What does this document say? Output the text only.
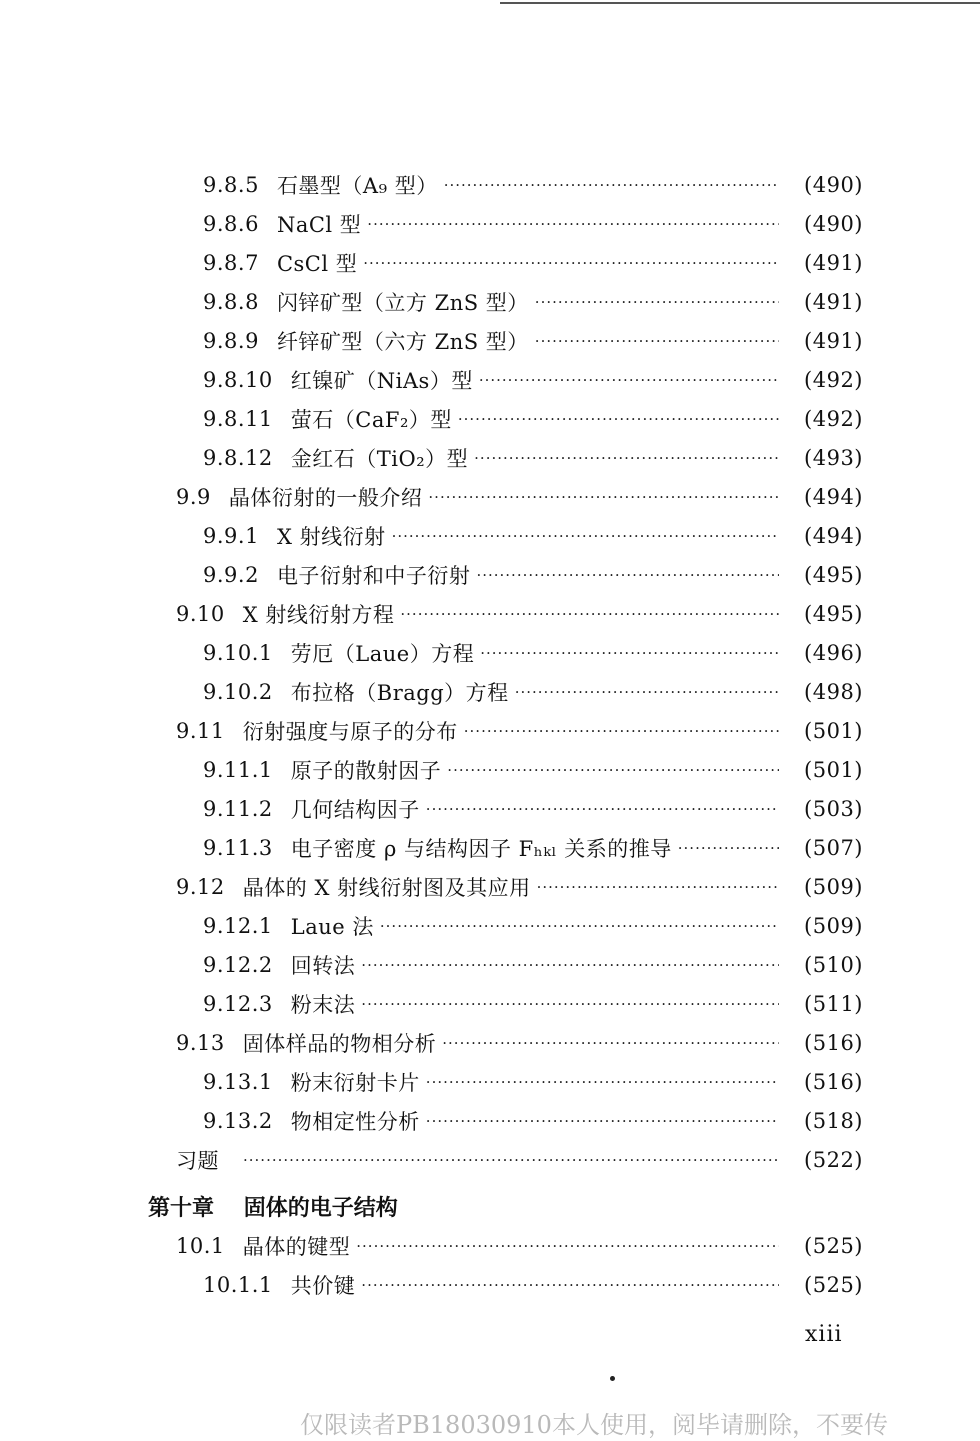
9.8.5 石墨型（A₉ 型） ·····	(490)
9.8.6 NaCl 型 ·····	(490)
9.8.7 CsCl 型 ·····	(491)
9.8.8 闪锌矿型（立方 ZnS 型） ·····	(491)
9.8.9 纤锌矿型（六方 ZnS 型） ·····	(491)
9.8.10 红镍矿（NiAs）型 ·····	(492)
9.8.11 萤石（CaF₂）型 ·····	(492)
9.8.12 金红石（TiO₂）型 ·····	(493)
9.9 晶体衍射的一般介绍 ·····	(494)
9.9.1 X 射线衍射 ·····	(494)
9.9.2 电子衍射和中子衍射 ·····	(495)
9.10 X 射线衍射方程 ·····	(495)
9.10.1 劳厄（Laue）方程 ·····	(496)
9.10.2 布拉格（Bragg）方程 ·····	(498)
9.11 衍射强度与原子的分布 ·····	(501)
9.11.1 原子的散射因子 ·····	(501)
9.11.2 几何结构因子 ·····	(503)
9.11.3 电子密度 ρ 与结构因子 Fₕₖₗ 关系的推导 ·····	(507)
9.12 晶体的 X 射线衍射图及其应用 ·····	(509)
9.12.1 Laue 法 ·····	(509)
9.12.2 回转法 ·····	(510)
9.12.3 粉末法 ·····	(511)
9.13 固体样品的物相分析 ·····	(516)
9.13.1 粉末衍射卡片 ·····	(516)
9.13.2 物相定性分析 ·····	(518)
习题 ·····	(522)
第十章 固体的电子结构
10.1 晶体的键型 ·····	(525)
10.1.1 共价键 ·····	(525)
xiii
仅限读者PB18030910本人使用，阅毕请删除，不要传
